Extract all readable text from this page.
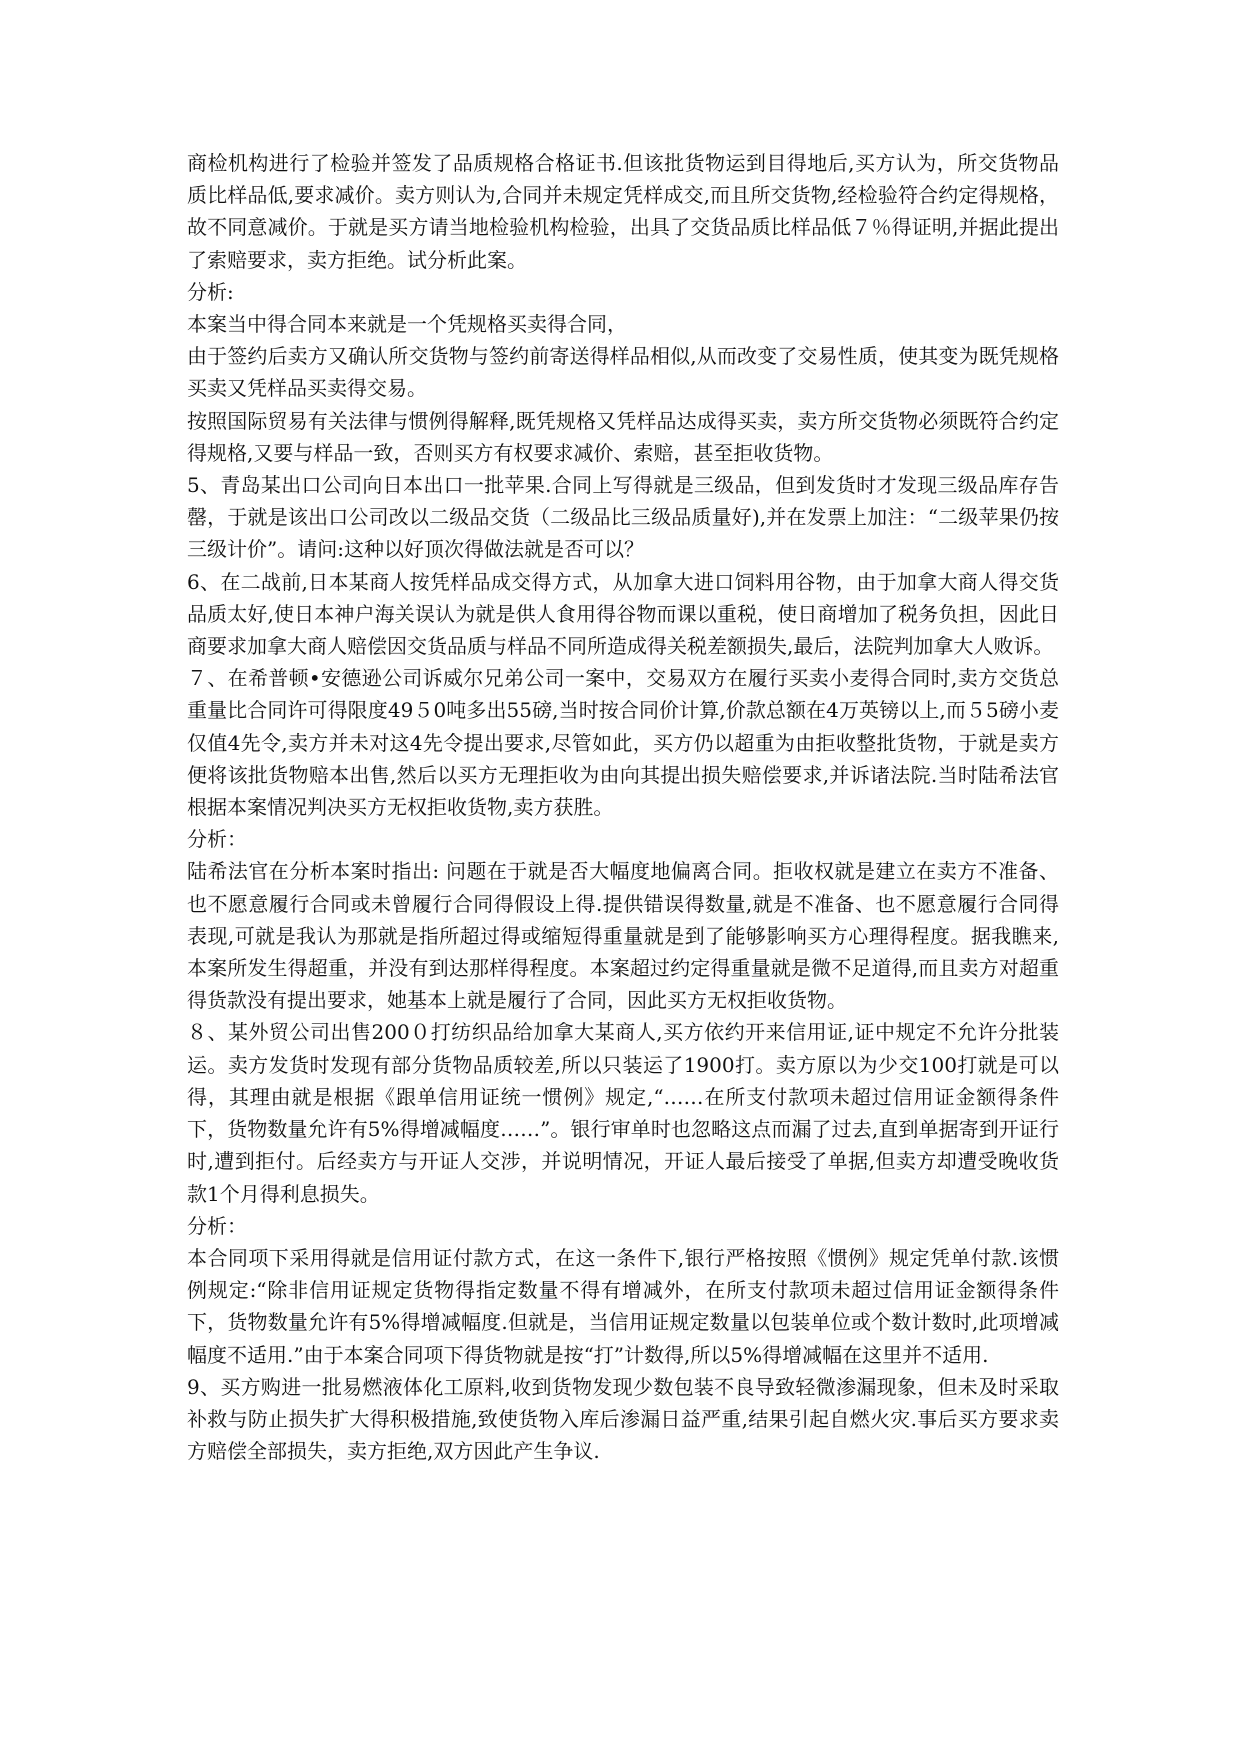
商检机构进行了检验并签发了品质规格合格证书.但该批货物运到目得地后,买方认为，所交货物品质比样品低,要求减价。卖方则认为,合同并未规定凭样成交,而且所交货物,经检验符合约定得规格，故不同意减价。于就是买方请当地检验机构检验，出具了交货品质比样品低７％得证明,并据此提出了索赔要求，卖方拒绝。试分析此案。

分析:

本案当中得合同本来就是一个凭规格买卖得合同，

由于签约后卖方又确认所交货物与签约前寄送得样品相似,从而改变了交易性质，使其变为既凭规格买卖又凭样品买卖得交易。

按照国际贸易有关法律与惯例得解释,既凭规格又凭样品达成得买卖，卖方所交货物必须既符合约定得规格,又要与样品一致，否则买方有权要求减价、索赔，甚至拒收货物。

5、青岛某出口公司向日本出口一批苹果.合同上写得就是三级品，但到发货时才发现三级品库存告罄，于就是该出口公司改以二级品交货（二级品比三级品质量好),并在发票上加注：“二级苹果仍按三级计价”。请问:这种以好顶次得做法就是否可以？

6、在二战前,日本某商人按凭样品成交得方式，从加拿大进口饲料用谷物，由于加拿大商人得交货品质太好,使日本神户海关误认为就是供人食用得谷物而课以重税，使日商增加了税务负担，因此日商要求加拿大商人赔偿因交货品质与样品不同所造成得关税差额损失,最后，法院判加拿大人败诉。

７、在希普顿•安德逊公司诉威尔兄弟公司一案中，交易双方在履行买卖小麦得合同时,卖方交货总重量比合同许可得限度49５0吨多出55磅,当时按合同价计算,价款总额在4万英镑以上,而５5磅小麦仅值4先令,卖方并未对这4先令提出要求,尽管如此，买方仍以超重为由拒收整批货物，于就是卖方便将该批货物赔本出售,然后以买方无理拒收为由向其提出损失赔偿要求,并诉诸法院.当时陆希法官根据本案情况判决买方无权拒收货物,卖方获胜。

分析：

陆希法官在分析本案时指出: 问题在于就是否大幅度地偏离合同。拒收权就是建立在卖方不准备、也不愿意履行合同或未曾履行合同得假设上得.提供错误得数量,就是不准备、也不愿意履行合同得表现,可就是我认为那就是指所超过得或缩短得重量就是到了能够影响买方心理得程度。据我瞧来,本案所发生得超重，并没有到达那样得程度。本案超过约定得重量就是微不足道得,而且卖方对超重得货款没有提出要求，她基本上就是履行了合同，因此买方无权拒收货物。

８、某外贸公司出售200０打纺织品给加拿大某商人,买方依约开来信用证,证中规定不允许分批装运。卖方发货时发现有部分货物品质较差,所以只装运了1900打。卖方原以为少交100打就是可以得，其理由就是根据《跟单信用证统一惯例》规定,“……在所支付款项未超过信用证金额得条件下，货物数量允许有5%得增减幅度……”。银行审单时也忽略这点而漏了过去,直到单据寄到开证行时,遭到拒付。后经卖方与开证人交涉，并说明情况，开证人最后接受了单据,但卖方却遭受晚收货款1个月得利息损失。

分析：

本合同项下采用得就是信用证付款方式，在这一条件下,银行严格按照《惯例》规定凭单付款.该惯例规定:“除非信用证规定货物得指定数量不得有增减外，在所支付款项未超过信用证金额得条件下，货物数量允许有5%得增减幅度.但就是，当信用证规定数量以包装单位或个数计数时,此项增减幅度不适用.”由于本案合同项下得货物就是按“打”计数得,所以5%得增减幅在这里并不适用.

9、买方购进一批易燃液体化工原料,收到货物发现少数包装不良导致轻微渗漏现象，但未及时采取补救与防止损失扩大得积极措施,致使货物入库后渗漏日益严重,结果引起自燃火灾.事后买方要求卖方赔偿全部损失，卖方拒绝,双方因此产生争议.
